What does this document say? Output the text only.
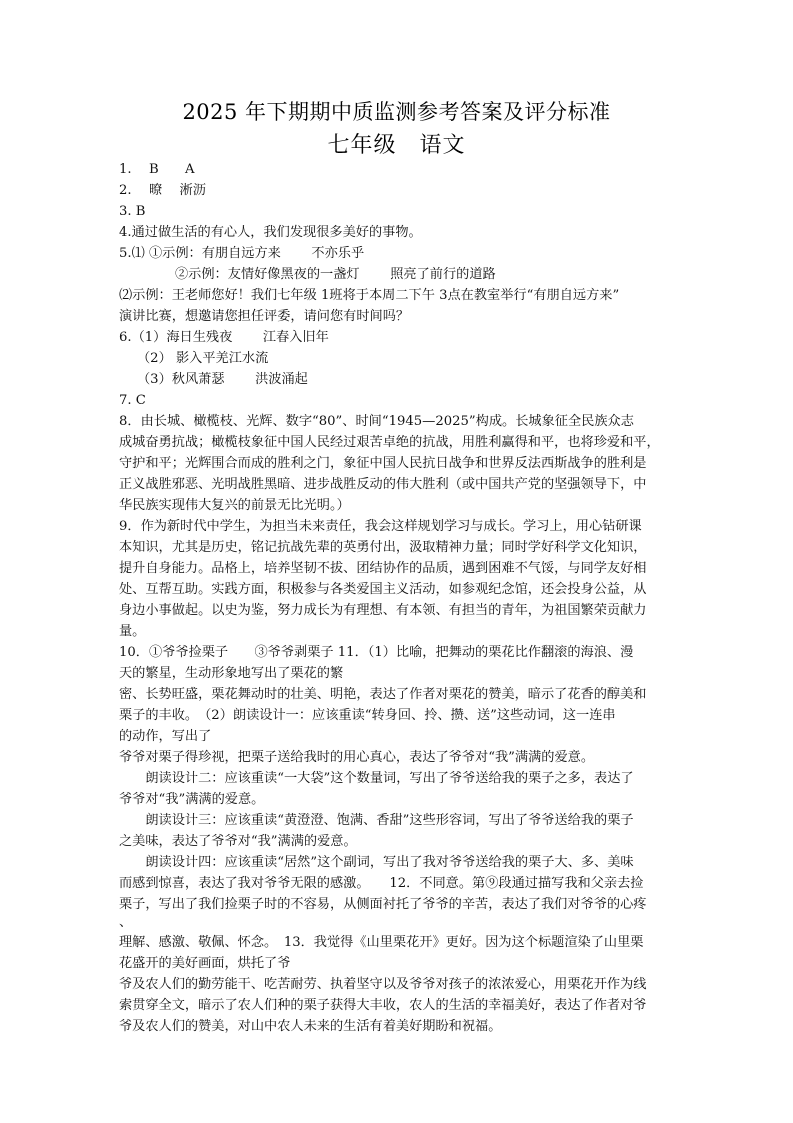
2025 年下期期中质监测参考答案及评分标准
七年级　语文
1.　 B　　A
2.　 暸　 淅沥
3. B
4.通过做生活的有心人，我们发现很多美好的事物。
5.⑴ ①示例：有朋自远方来　　 不亦乐乎
②示例：友情好像黑夜的一盏灯　　 照亮了前行的道路
⑵示例：王老师您好！我们七年级 1班将于本周二下午 3点在教室举行“有朋自远方来”
演讲比赛，想邀请您担任评委，请问您有时间吗？
6.（1）海日生残夜　　 江春入旧年
（2） 影入平羌江水流
（3）秋风萧瑟　　 洪波涌起
7. C
8．由长城、橄榄枝、光辉、数字“80”、时间“1945—2025”构成。长城象征全民族众志
成城奋勇抗战；橄榄枝象征中国人民经过艰苦卓绝的抗战，用胜利赢得和平，也将珍爱和平，
守护和平；光辉围合而成的胜利之门，象征中国人民抗日战争和世界反法西斯战争的胜利是
正义战胜邪恶、光明战胜黑暗、进步战胜反动的伟大胜利（或中国共产党的坚强领导下，中
华民族实现伟大复兴的前景无比光明。）
9．作为新时代中学生，为担当未来责任，我会这样规划学习与成长。学习上，用心钻研课
本知识，尤其是历史，铭记抗战先辈的英勇付出，汲取精神力量；同时学好科学文化知识，
提升自身能力。品格上，培养坚韧不拔、团结协作的品质，遇到困难不气馁，与同学友好相
处、互帮互助。实践方面，积极参与各类爱国主义活动，如参观纪念馆，还会投身公益，从
身边小事做起。以史为鉴，努力成长为有理想、有本领、有担当的青年，为祖国繁荣贡献力
量。
10．①爷爷捡栗子　　③爷爷剥栗子 11．（1）比喻，把舞动的栗花比作翻滚的海浪、漫
天的繁星，生动形象地写出了栗花的繁
密、长势旺盛，栗花舞动时的壮美、明艳，表达了作者对栗花的赞美，暗示了花香的醇美和
栗子的丰收。　（2）朗读设计一：应该重读“转身回、拎、攒、送”这些动词，这一连串
的动作，写出了
爷爷对栗子得珍视，把栗子送给我时的用心真心，表达了爷爷对“我”满满的爱意。
　　朗读设计二：应该重读“一大袋”这个数量词，写出了爷爷送给我的栗子之多，表达了
爷爷对“我”满满的爱意。
　　朗读设计三：应该重读“黄澄澄、饱满、香甜”这些形容词，写出了爷爷送给我的栗子
之美味，表达了爷爷对“我”满满的爱意。
　　朗读设计四：应该重读“居然”这个副词，写出了我对爷爷送给我的栗子大、多、美味
而感到惊喜，表达了我对爷爷无限的感激。　　12．不同意。第⑨段通过描写我和父亲去捡
栗子，写出了我们捡栗子时的不容易，从侧面衬托了爷爷的辛苦，表达了我们对爷爷的心疼
、
理解、感激、敬佩、怀念。　13．我觉得《山里栗花开》更好。因为这个标题渲染了山里栗
花盛开的美好画面，烘托了爷
爷及农人们的勤劳能干、吃苦耐劳、执着坚守以及爷爷对孩子的浓浓爱心，用栗花开作为线
索贯穿全文，暗示了农人们种的栗子获得大丰收，农人的生活的幸福美好，表达了作者对爷
爷及农人们的赞美，对山中农人未来的生活有着美好期盼和祝福。
